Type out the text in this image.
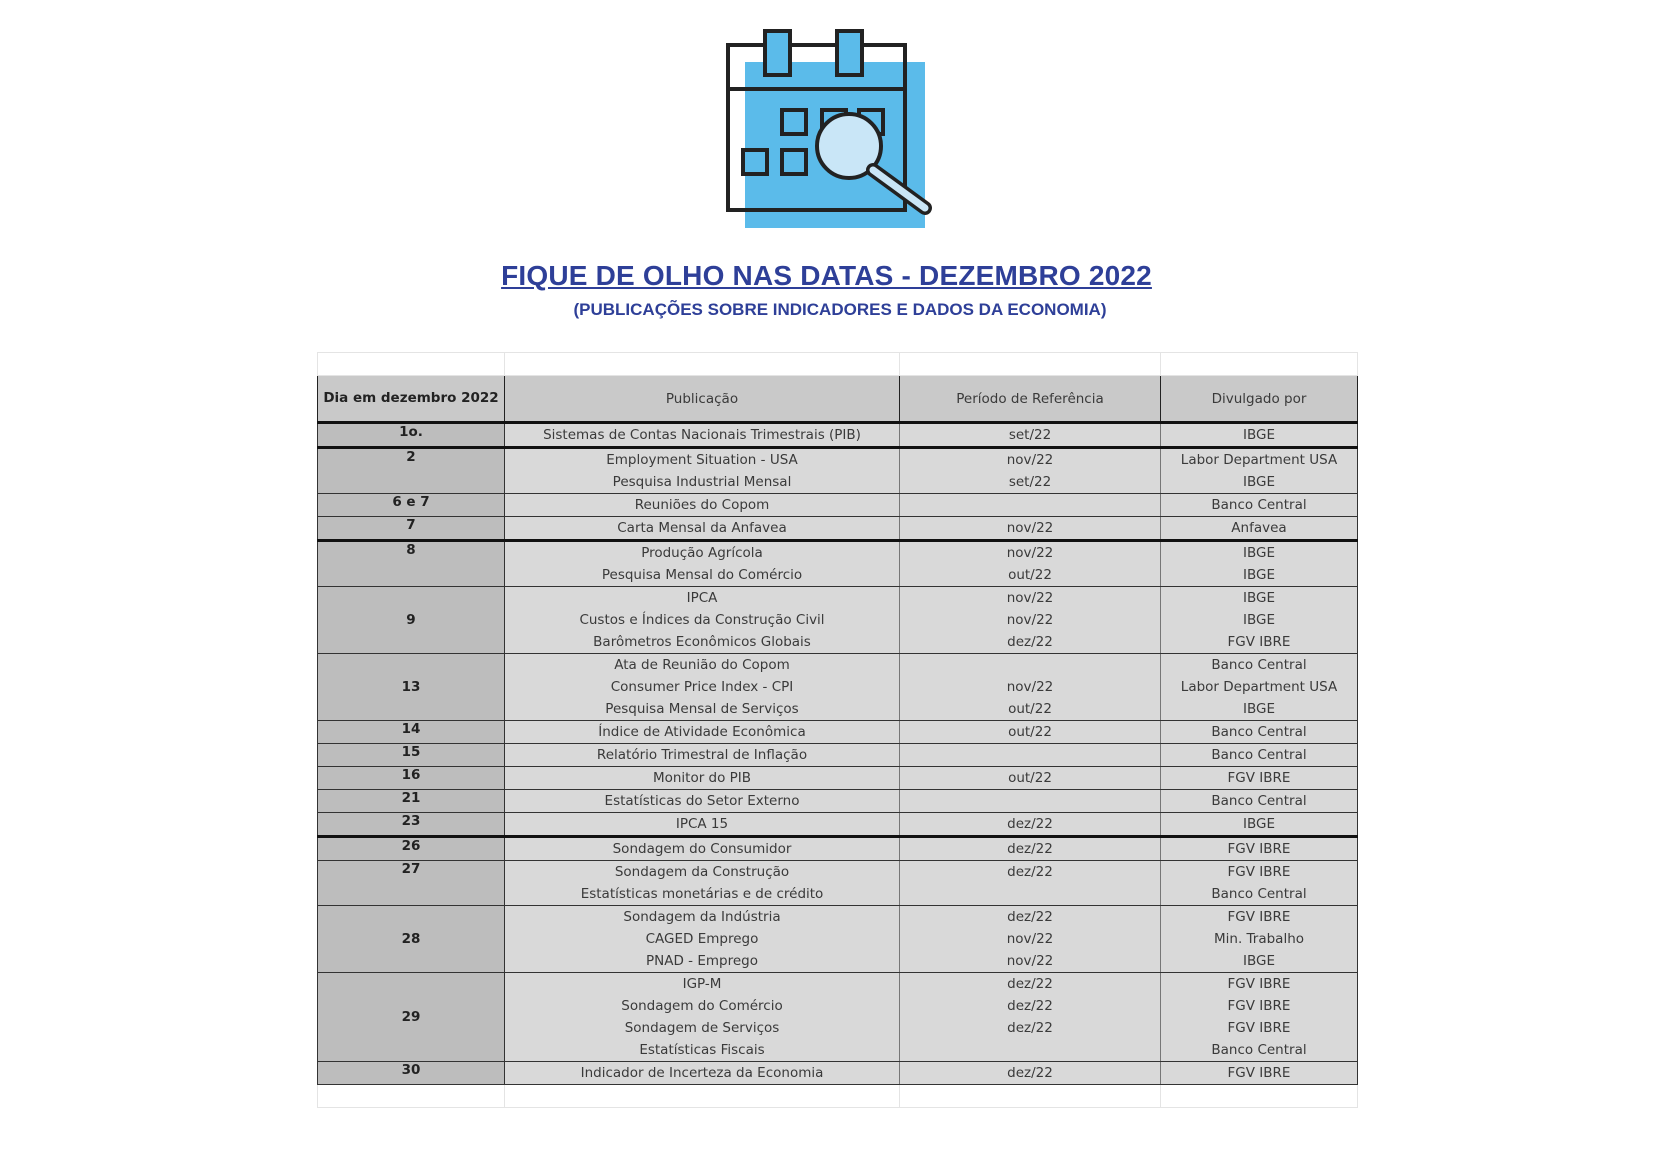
FIQUE DE OLHO NAS DATAS - DEZEMBRO 2022
(PUBLICAÇÕES SOBRE INDICADORES E DADOS DA ECONOMIA)

Dia em dezembro 2022	Publicação	Período de Referência	Divulgado por
1o.	Sistemas de Contas Nacionais Trimestrais (PIB)	set/22	IBGE
2	Employment Situation - USA	nov/22	Labor Department USA
	Pesquisa Industrial Mensal	set/22	IBGE
6 e 7	Reuniões do Copom		Banco Central
7	Carta Mensal da Anfavea	nov/22	Anfavea
8	Produção Agrícola	nov/22	IBGE
	Pesquisa Mensal do Comércio	out/22	IBGE
9	IPCA	nov/22	IBGE
	Custos e Índices da Construção Civil	nov/22	IBGE
	Barômetros Econômicos Globais	dez/22	FGV IBRE
13	Ata de Reunião do Copom		Banco Central
	Consumer Price Index - CPI	nov/22	Labor Department USA
	Pesquisa Mensal de Serviços	out/22	IBGE
14	Índice de Atividade Econômica	out/22	Banco Central
15	Relatório Trimestral de Inflação		Banco Central
16	Monitor do PIB	out/22	FGV IBRE
21	Estatísticas do Setor Externo		Banco Central
23	IPCA 15	dez/22	IBGE
26	Sondagem do Consumidor	dez/22	FGV IBRE
27	Sondagem da Construção	dez/22	FGV IBRE
	Estatísticas monetárias e de crédito		Banco Central
28	Sondagem da Indústria	dez/22	FGV IBRE
	CAGED Emprego	nov/22	Min. Trabalho
	PNAD - Emprego	nov/22	IBGE
29	IGP-M	dez/22	FGV IBRE
	Sondagem do Comércio	dez/22	FGV IBRE
	Sondagem de Serviços	dez/22	FGV IBRE
	Estatísticas Fiscais		Banco Central
30	Indicador de Incerteza da Economia	dez/22	FGV IBRE
